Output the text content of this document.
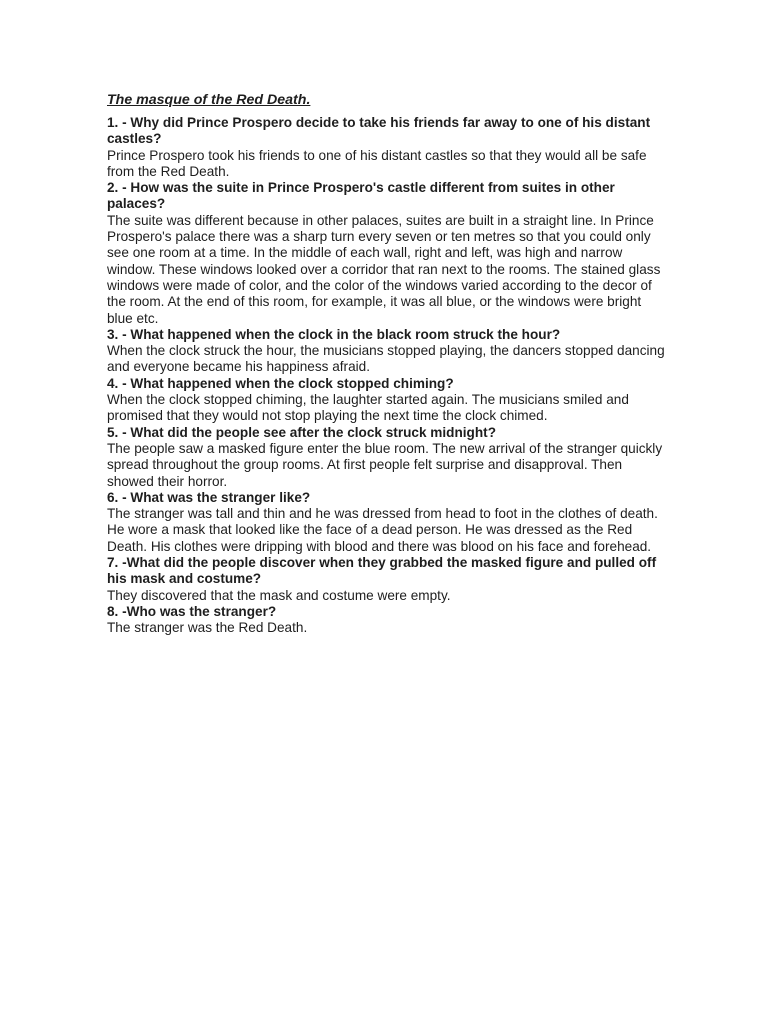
The masque of the Red Death.

1. - Why did Prince Prospero decide to take his friends far away to one of his distant castles?

Prince Prospero took his friends to one of his distant castles so that they would all be safe from the Red Death.

2. - How was the suite in Prince Prospero's castle different from suites in other palaces?

The suite was different because in other palaces, suites are built in a straight line. In Prince Prospero's palace there was a sharp turn every seven or ten metres so that you could only see one room at a time. In the middle of each wall, right and left, was high and narrow window. These windows looked over a corridor that ran next to the rooms. The stained glass windows were made of color, and the color of the windows varied according to the decor of the room. At the end of this room, for example, it was all blue, or the windows were bright blue etc.

3. - What happened when the clock in the black room struck the hour?

When the clock struck the hour, the musicians stopped playing, the dancers stopped dancing and everyone became his happiness afraid.

4. - What happened when the clock stopped chiming?

When the clock stopped chiming, the laughter started again. The musicians smiled and promised that they would not stop playing the next time the clock chimed.

5. - What did the people see after the clock struck midnight?

The people saw a masked figure enter the blue room. The new arrival of the stranger quickly spread throughout the group rooms. At first people felt surprise and disapproval. Then showed their horror.

6. - What was the stranger like?

The stranger was tall and thin and he was dressed from head to foot in the clothes of death. He wore a mask that looked like the face of a dead person. He was dressed as the Red Death. His clothes were dripping with blood and there was blood on his face and forehead.

7. -What did the people discover when they grabbed the masked figure and pulled off his mask and costume?

They discovered that the mask and costume were empty.

8. -Who was the stranger?

The stranger was the Red Death.
